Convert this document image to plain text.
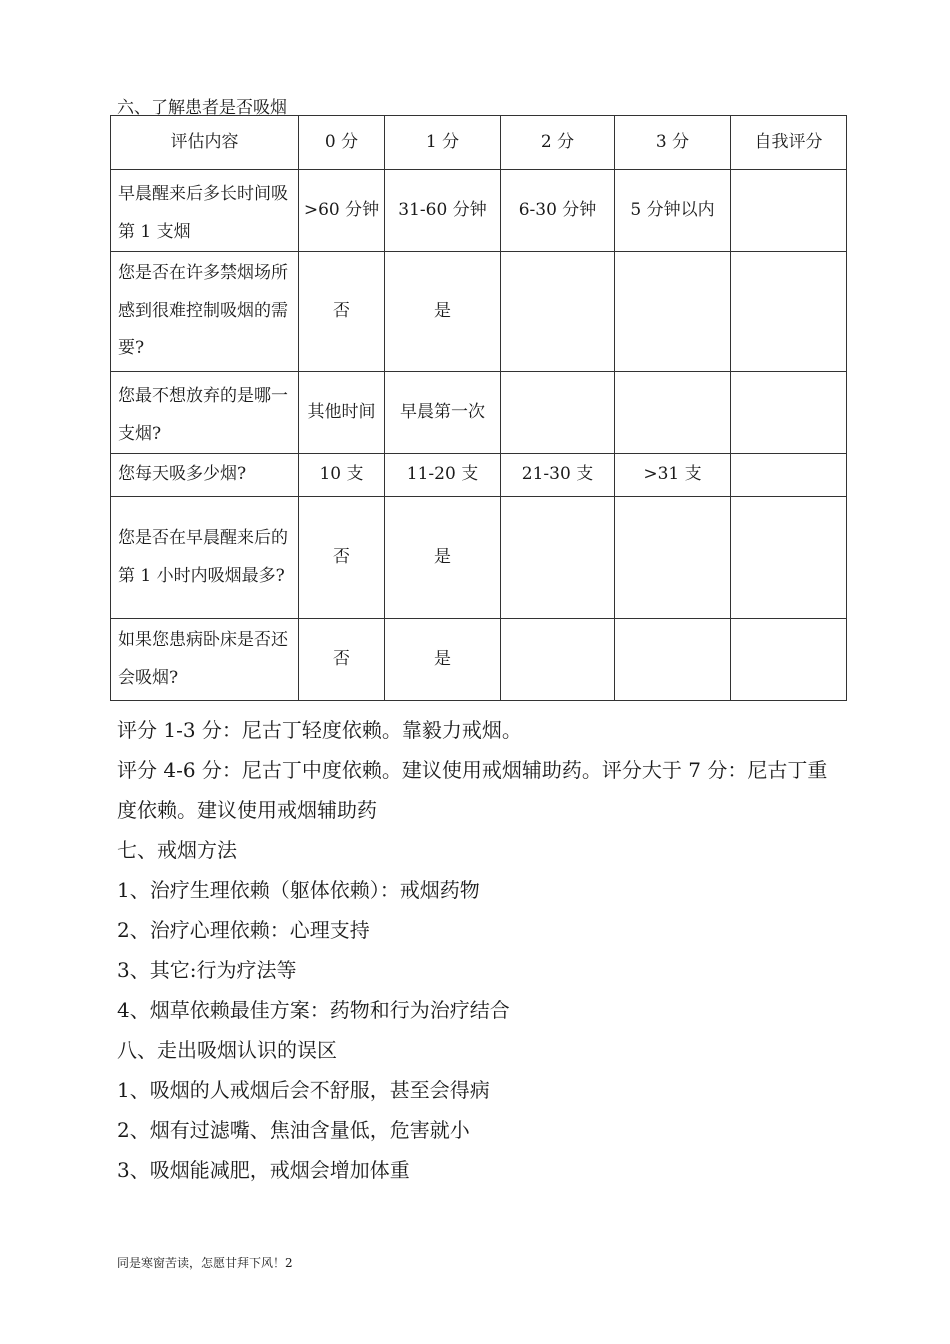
六、了解患者是否吸烟
评估内容	0 分	1 分	2 分	3 分	自我评分
早晨醒来后多长时间吸第 1 支烟	>60 分钟	31-60 分钟	6-30 分钟	5 分钟以内	
您是否在许多禁烟场所感到很难控制吸烟的需要?	否	是			
您最不想放弃的是哪一支烟?	其他时间	早晨第一次			
您每天吸多少烟?	10 支	11-20 支	21-30 支	>31 支	
您是否在早晨醒来后的第 1 小时内吸烟最多?	否	是			
如果您患病卧床是否还会吸烟?	否	是			

评分 1-3 分：尼古丁轻度依赖。靠毅力戒烟。

评分 4-6 分：尼古丁中度依赖。建议使用戒烟辅助药。评分大于 7 分：尼古丁重度依赖。建议使用戒烟辅助药

七、戒烟方法

1、治疗生理依赖（躯体依赖）：戒烟药物

2、治疗心理依赖：心理支持

3、其它:行为疗法等

4、烟草依赖最佳方案：药物和行为治疗结合

八、走出吸烟认识的误区

1、吸烟的人戒烟后会不舒服，甚至会得病

2、烟有过滤嘴、焦油含量低，危害就小

3、吸烟能减肥，戒烟会增加体重

同是寒窗苦读，怎愿甘拜下风！2
